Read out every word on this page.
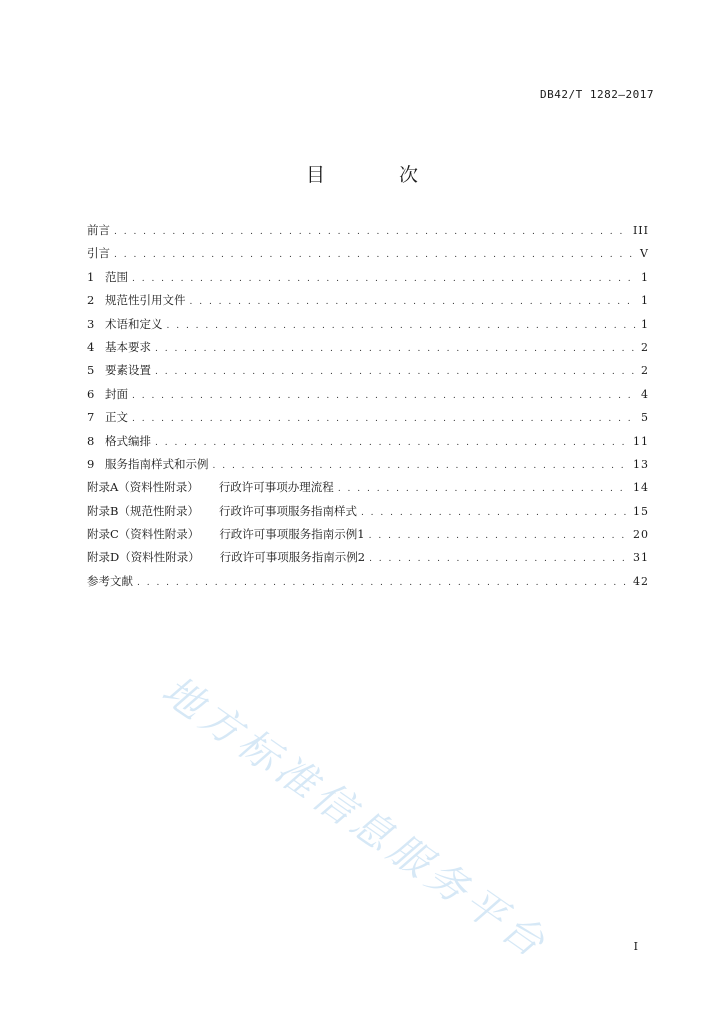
DB42/T 1282—2017
目 次
前言 . . .	III
引言 . . .	V
1 范围 . . .	1
2 规范性引用文件 . . .	1
3 术语和定义 . . .	1
4 基本要求 . . .	2
5 要素设置 . . .	2
6 封面 . . .	4
7 正文 . . .	5
8 格式编排 . . .	11
9 服务指南样式和示例 . . .	13
附录A（资料性附录） 行政许可事项办理流程 . . .	14
附录B（规范性附录） 行政许可事项服务指南样式 . . .	15
附录C（资料性附录） 行政许可事项服务指南示例1 . . .	20
附录D（资料性附录） 行政许可事项服务指南示例2 . . .	31
参考文献 . . .	42
地方标准信息服务平台	I
